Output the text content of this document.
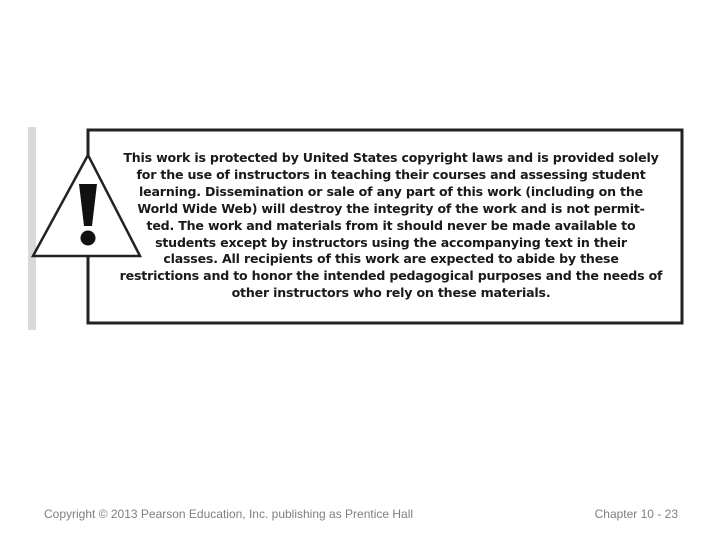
This work is protected by United States copyright laws and is provided solely
for the use of instructors in teaching their courses and assessing student
learning. Dissemination or sale of any part of this work (including on the
World Wide Web) will destroy the integrity of the work and is not permit-
ted. The work and materials from it should never be made available to
students except by instructors using the accompanying text in their
classes. All recipients of this work are expected to abide by these
restrictions and to honor the intended pedagogical purposes and the needs of
other instructors who rely on these materials.

Copyright © 2013 Pearson Education, Inc. publishing as Prentice Hall	Chapter 10 - 23
